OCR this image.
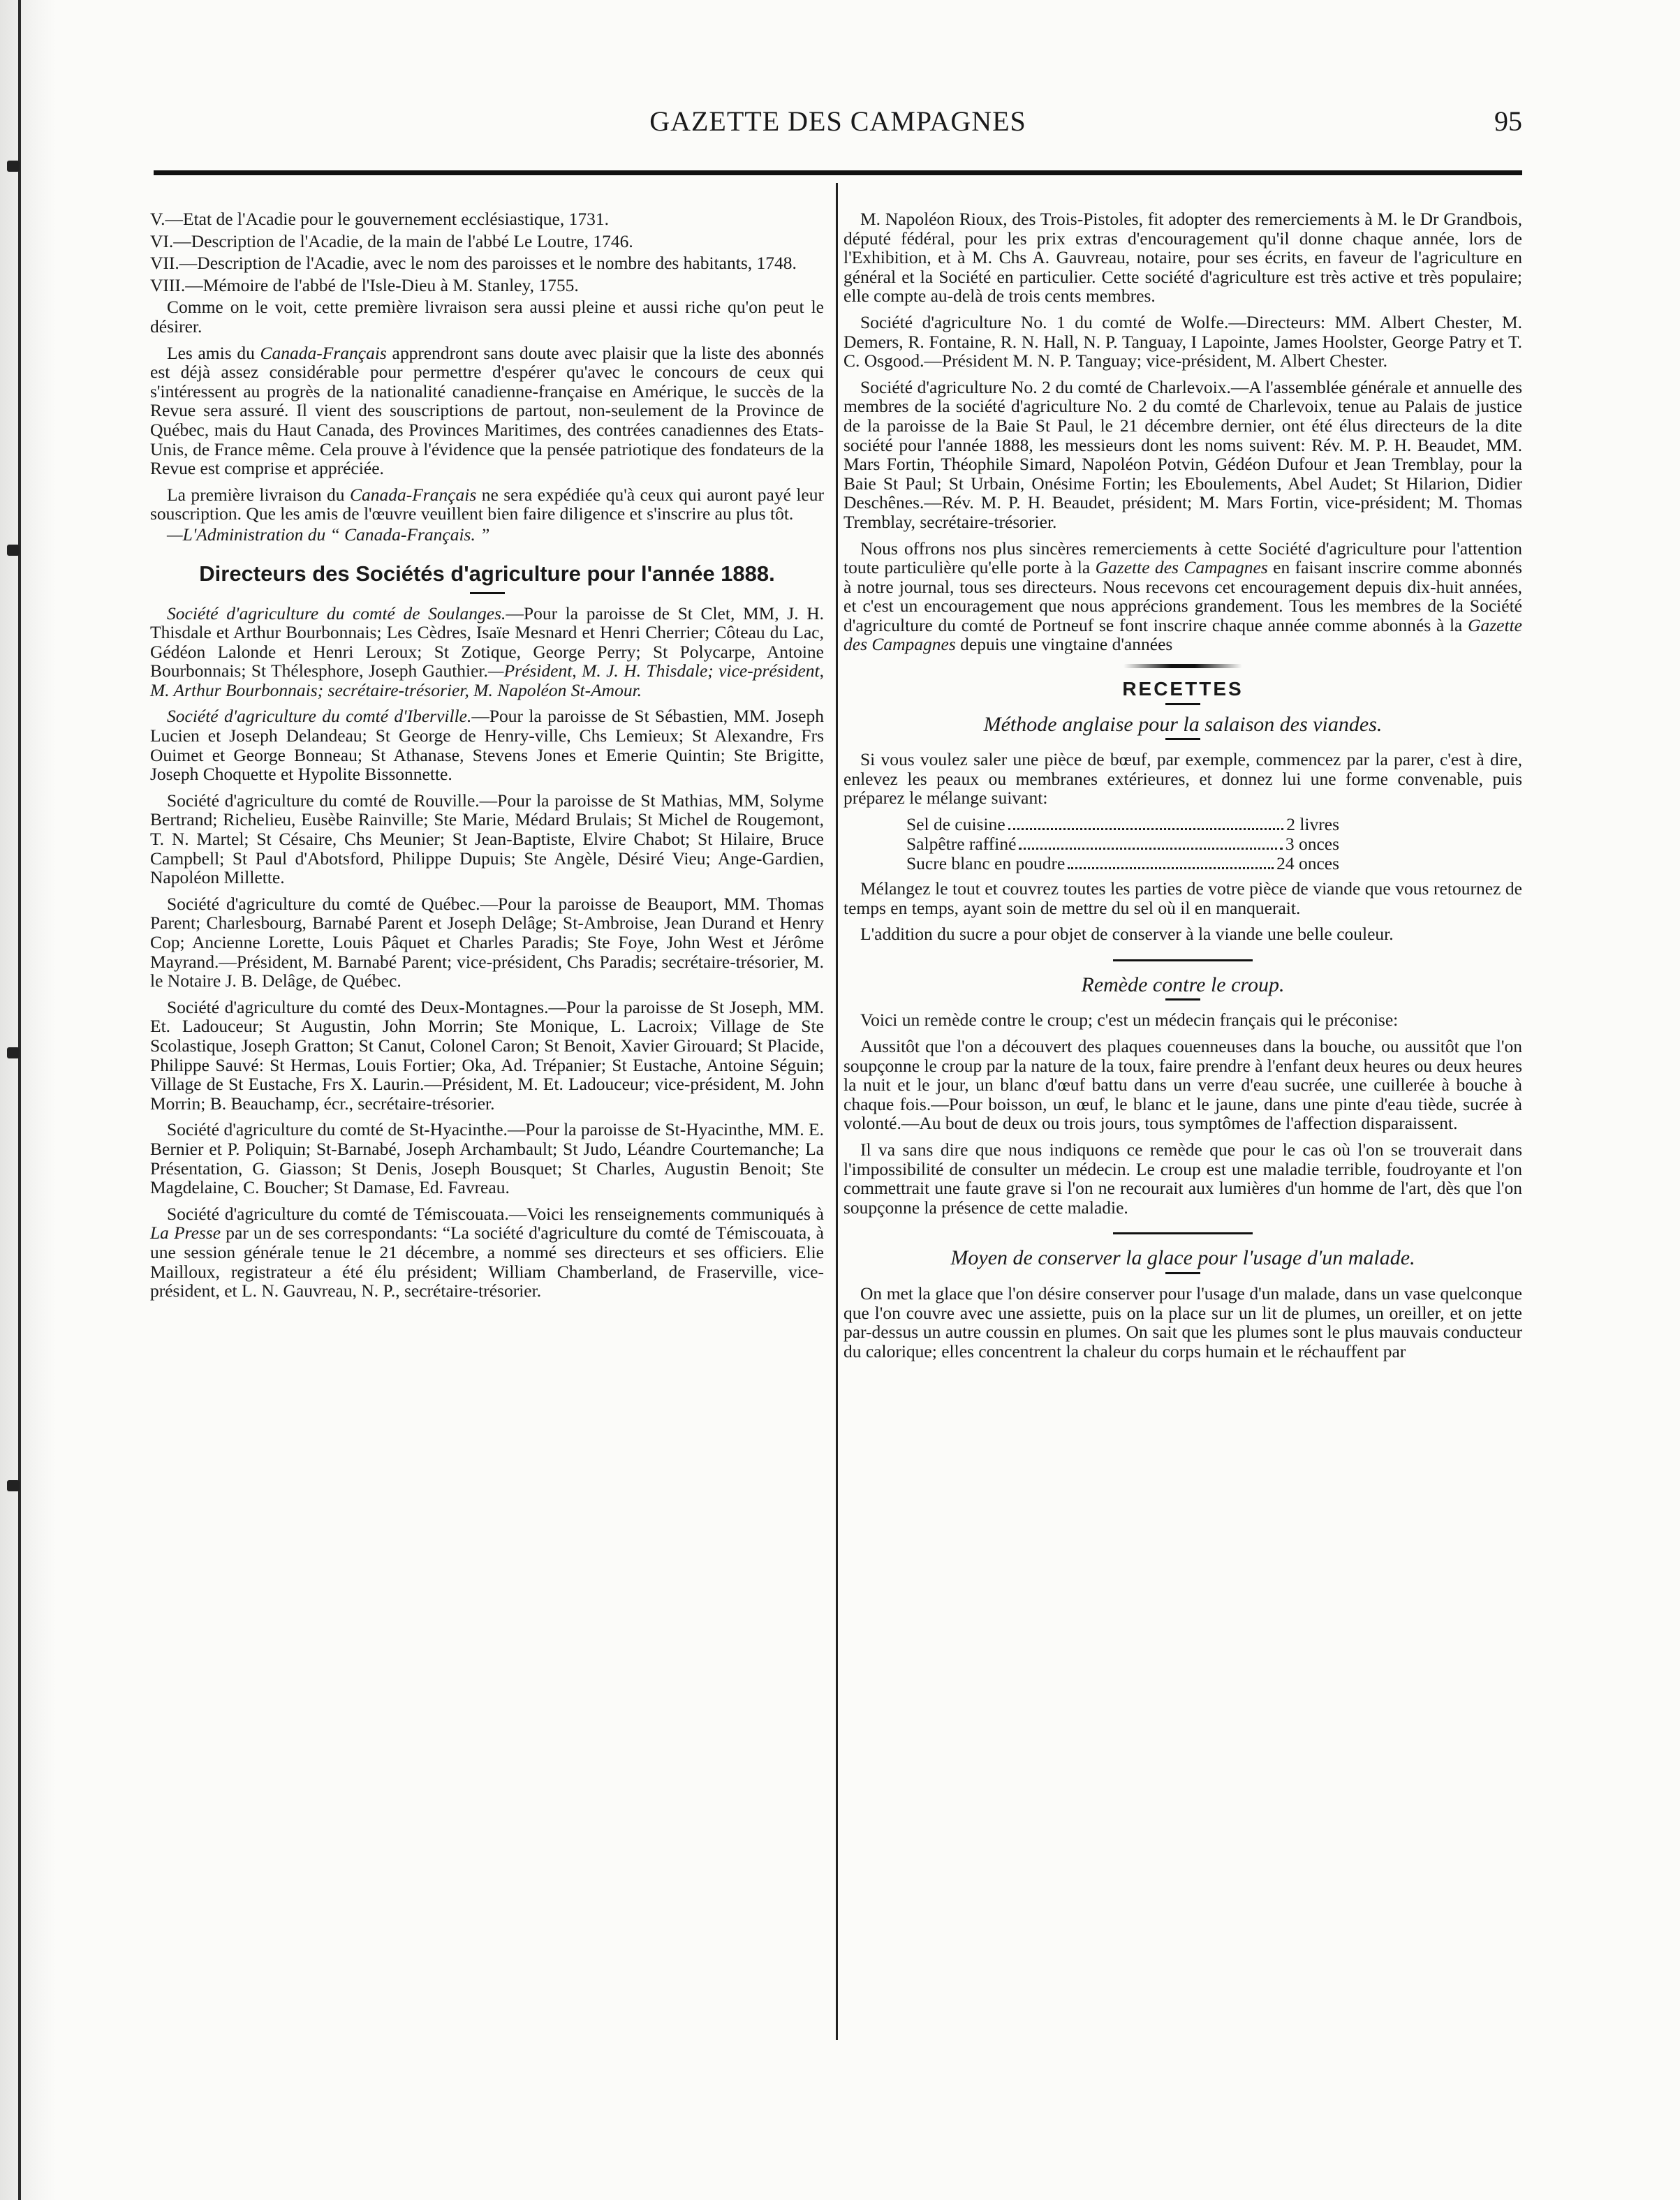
GAZETTE DES CAMPAGNES	95

V.—Etat de l'Acadie pour le gouvernement ecclésiastique, 1731.

VI.—Description de l'Acadie, de la main de l'abbé Le Loutre, 1746.

VII.—Description de l'Acadie, avec le nom des paroisses et le nombre des habitants, 1748.

VIII.—Mémoire de l'abbé de l'Isle-Dieu à M. Stanley, 1755.

Comme on le voit, cette première livraison sera aussi pleine et aussi riche qu'on peut le désirer.

Les amis du Canada-Français apprendront sans doute avec plaisir que la liste des abonnés est déjà assez considérable pour permettre d'espérer qu'avec le concours de ceux qui s'intéressent au progrès de la nationalité canadienne-française en Amérique, le succès de la Revue sera assuré. Il vient des souscriptions de partout, non-seulement de la Province de Québec, mais du Haut Canada, des Provinces Maritimes, des contrées canadiennes des Etats-Unis, de France même. Cela prouve à l'évidence que la pensée patriotique des fondateurs de la Revue est comprise et appréciée.

La première livraison du Canada-Français ne sera expédiée qu'à ceux qui auront payé leur souscription. Que les amis de l'œuvre veuillent bien faire diligence et s'inscrire au plus tôt.

—L'Administration du “ Canada-Français. ”

Directeurs des Sociétés d'agriculture pour l'année 1888.

Société d'agriculture du comté de Soulanges.—Pour la paroisse de St Clet, MM, J. H. Thisdale et Arthur Bourbonnais; Les Cèdres, Isaïe Mesnard et Henri Cherrier; Côteau du Lac, Gédéon Lalonde et Henri Leroux; St Zotique, George Perry; St Polycarpe, Antoine Bourbonnais; St Thélesphore, Joseph Gauthier.—Président, M. J. H. Thisdale; vice-président, M. Arthur Bourbonnais; secrétaire-trésorier, M. Napoléon St-Amour.

Société d'agriculture du comté d'Iberville.—Pour la paroisse de St Sébastien, MM. Joseph Lucien et Joseph Delandeau; St George de Henry-ville, Chs Lemieux; St Alexandre, Frs Ouimet et George Bonneau; St Athanase, Stevens Jones et Emerie Quintin; Ste Brigitte, Joseph Choquette et Hypolite Bissonnette.

Société d'agriculture du comté de Rouville.—Pour la paroisse de St Mathias, MM, Solyme Bertrand; Richelieu, Eusèbe Rainville; Ste Marie, Médard Brulais; St Michel de Rougemont, T. N. Martel; St Césaire, Chs Meunier; St Jean-Baptiste, Elvire Chabot; St Hilaire, Bruce Campbell; St Paul d'Abotsford, Philippe Dupuis; Ste Angèle, Désiré Vieu; Ange-Gardien, Napoléon Millette.

Société d'agriculture du comté de Québec.—Pour la paroisse de Beauport, MM. Thomas Parent; Charlesbourg, Barnabé Parent et Joseph Delâge; St-Ambroise, Jean Durand et Henry Cop; Ancienne Lorette, Louis Pâquet et Charles Paradis; Ste Foye, John West et Jérôme Mayrand.—Président, M. Barnabé Parent; vice-président, Chs Paradis; secrétaire-trésorier, M. le Notaire J. B. Delâge, de Québec.

Société d'agriculture du comté des Deux-Montagnes.—Pour la paroisse de St Joseph, MM. Et. Ladouceur; St Augustin, John Morrin; Ste Monique, L. Lacroix; Village de Ste Scolastique, Joseph Gratton; St Canut, Colonel Caron; St Benoit, Xavier Girouard; St Placide, Philippe Sauvé: St Hermas, Louis Fortier; Oka, Ad. Trépanier; St Eustache, Antoine Séguin; Village de St Eustache, Frs X. Laurin.—Président, M. Et. Ladouceur; vice-président, M. John Morrin; B. Beauchamp, écr., secrétaire-trésorier.

Société d'agriculture du comté de St-Hyacinthe.—Pour la paroisse de St-Hyacinthe, MM. E. Bernier et P. Poliquin; St-Barnabé, Joseph Archambault; St Judo, Léandre Courtemanche; La Présentation, G. Giasson; St Denis, Joseph Bousquet; St Charles, Augustin Benoit; Ste Magdelaine, C. Boucher; St Damase, Ed. Favreau.

Société d'agriculture du comté de Témiscouata.—Voici les renseignements communiqués à La Presse par un de ses correspondants: “La société d'agriculture du comté de Témiscouata, à une session générale tenue le 21 décembre, a nommé ses directeurs et ses officiers. Elie Mailloux, registrateur a été élu président; William Chamberland, de Fraserville, vice-président, et L. N. Gauvreau, N. P., secrétaire-trésorier.

M. Napoléon Rioux, des Trois-Pistoles, fit adopter des remerciements à M. le Dr Grandbois, député fédéral, pour les prix extras d'encouragement qu'il donne chaque année, lors de l'Exhibition, et à M. Chs A. Gauvreau, notaire, pour ses écrits, en faveur de l'agriculture en général et la Société en particulier. Cette société d'agriculture est très active et très populaire; elle compte au-delà de trois cents membres.

Société d'agriculture No. 1 du comté de Wolfe.—Directeurs: MM. Albert Chester, M. Demers, R. Fontaine, R. N. Hall, N. P. Tanguay, I Lapointe, James Hoolster, George Patry et T. C. Osgood.—Président M. N. P. Tanguay; vice-président, M. Albert Chester.

Société d'agriculture No. 2 du comté de Charlevoix.—A l'assemblée générale et annuelle des membres de la société d'agriculture No. 2 du comté de Charlevoix, tenue au Palais de justice de la paroisse de la Baie St Paul, le 21 décembre dernier, ont été élus directeurs de la dite société pour l'année 1888, les messieurs dont les noms suivent: Rév. M. P. H. Beaudet, MM. Mars Fortin, Théophile Simard, Napoléon Potvin, Gédéon Dufour et Jean Tremblay, pour la Baie St Paul; St Urbain, Onésime Fortin; les Eboulements, Abel Audet; St Hilarion, Didier Deschênes.—Rév. M. P. H. Beaudet, président; M. Mars Fortin, vice-président; M. Thomas Tremblay, secrétaire-trésorier.

Nous offrons nos plus sincères remerciements à cette Société d'agriculture pour l'attention toute particulière qu'elle porte à la Gazette des Campagnes en faisant inscrire comme abonnés à notre journal, tous ses directeurs. Nous recevons cet encouragement depuis dix-huit années, et c'est un encouragement que nous apprécions grandement. Tous les membres de la Société d'agriculture du comté de Portneuf se font inscrire chaque année comme abonnés à la Gazette des Campagnes depuis une vingtaine d'années

RECETTES
Méthode anglaise pour la salaison des viandes.

Si vous voulez saler une pièce de bœuf, par exemple, commencez par la parer, c'est à dire, enlevez les peaux ou membranes extérieures, et donnez lui une forme convenable, puis préparez le mélange suivant:

Sel de cuisine	2 livres
Salpêtre raffiné	3 onces
Sucre blanc en poudre	24 onces

Mélangez le tout et couvrez toutes les parties de votre pièce de viande que vous retournez de temps en temps, ayant soin de mettre du sel où il en manquerait.

L'addition du sucre a pour objet de conserver à la viande une belle couleur.

Remède contre le croup.

Voici un remède contre le croup; c'est un médecin français qui le préconise:

Aussitôt que l'on a découvert des plaques couenneuses dans la bouche, ou aussitôt que l'on soupçonne le croup par la nature de la toux, faire prendre à l'enfant deux heures ou deux heures la nuit et le jour, un blanc d'œuf battu dans un verre d'eau sucrée, une cuillerée à bouche à chaque fois.—Pour boisson, un œuf, le blanc et le jaune, dans une pinte d'eau tiède, sucrée à volonté.—Au bout de deux ou trois jours, tous symptômes de l'affection disparaissent.

Il va sans dire que nous indiquons ce remède que pour le cas où l'on se trouverait dans l'impossibilité de consulter un médecin. Le croup est une maladie terrible, foudroyante et l'on commettrait une faute grave si l'on ne recourait aux lumières d'un homme de l'art, dès que l'on soupçonne la présence de cette maladie.

Moyen de conserver la glace pour l'usage d'un malade.

On met la glace que l'on désire conserver pour l'usage d'un malade, dans un vase quelconque que l'on couvre avec une assiette, puis on la place sur un lit de plumes, un oreiller, et on jette par-dessus un autre coussin en plumes. On sait que les plumes sont le plus mauvais conducteur du calorique; elles concentrent la chaleur du corps humain et le réchauffent par
